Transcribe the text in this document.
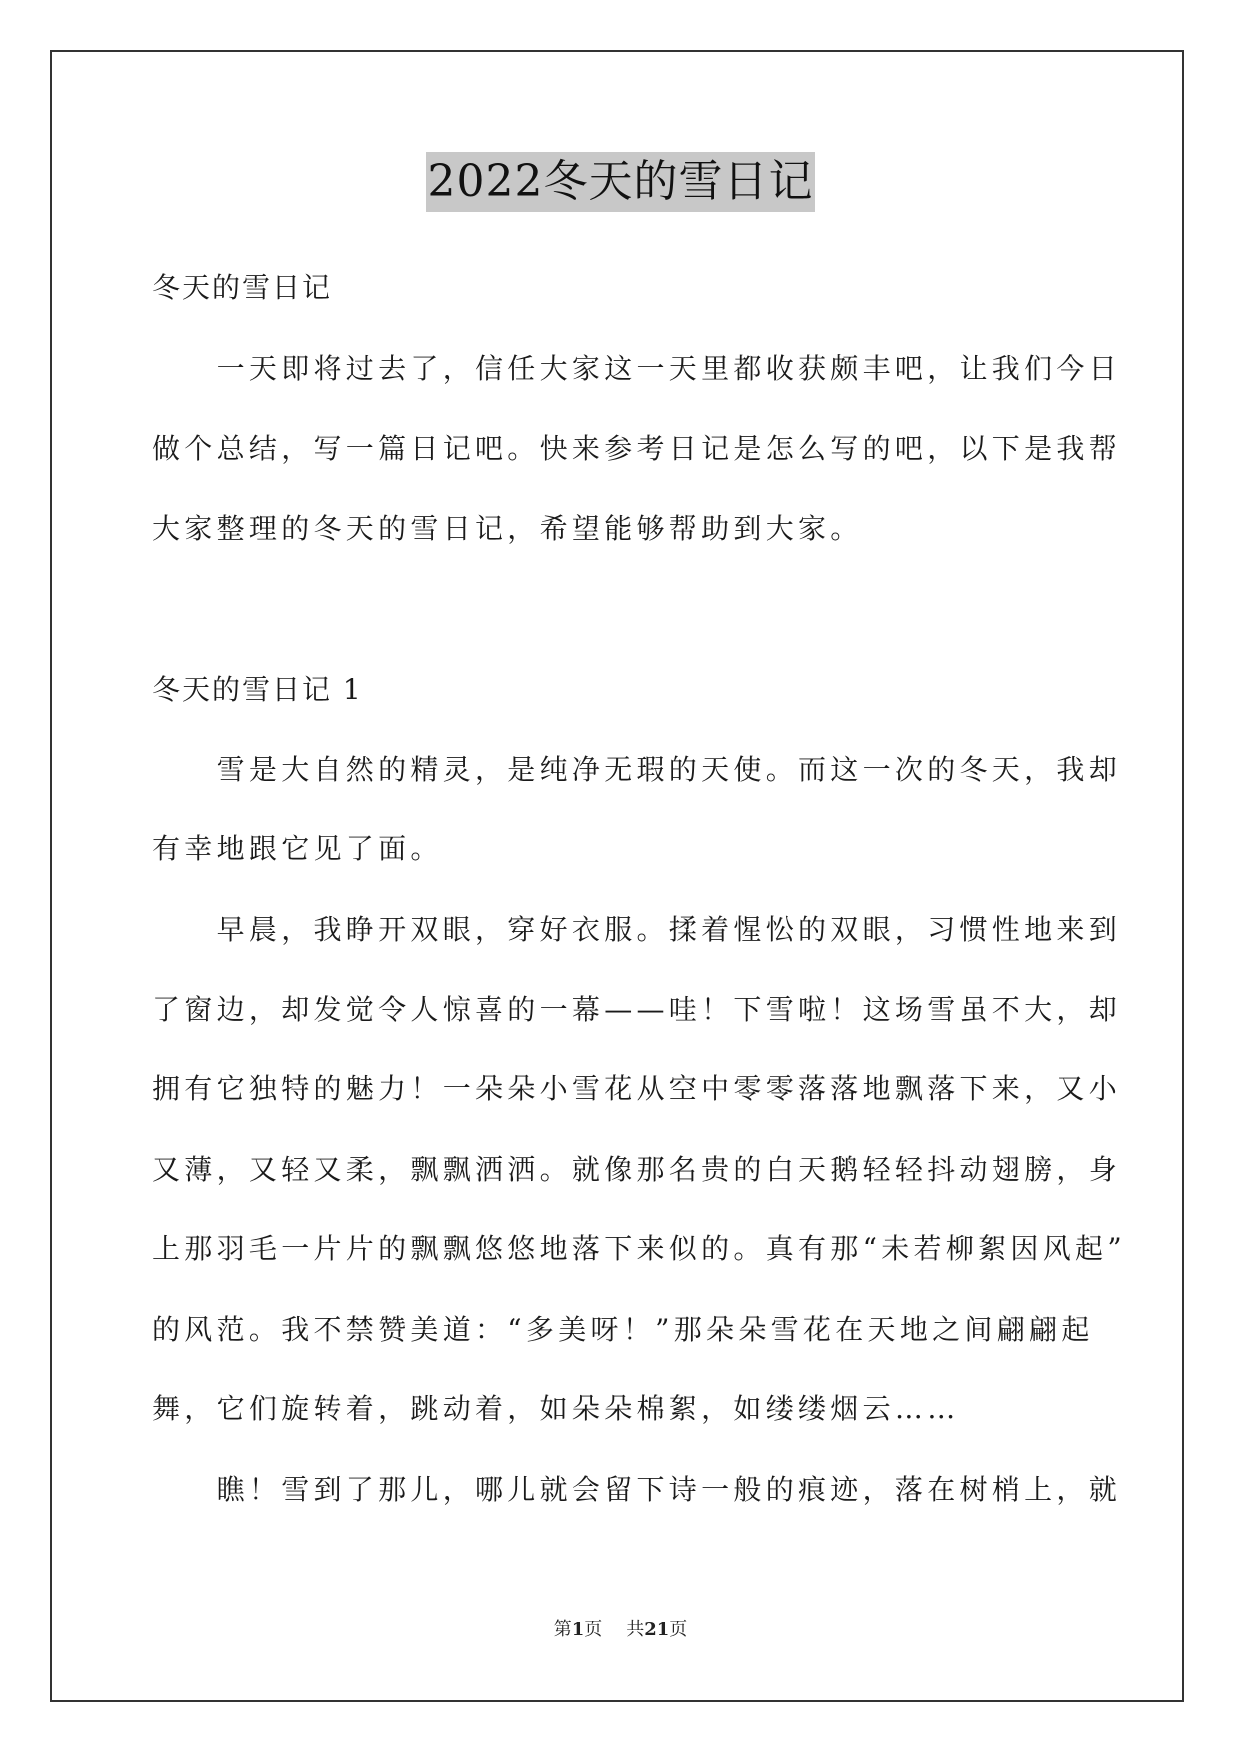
2022冬天的雪日记
冬天的雪日记
　　一天即将过去了，信任大家这一天里都收获颇丰吧，让我们今日
做个总结，写一篇日记吧。快来参考日记是怎么写的吧，以下是我帮
大家整理的冬天的雪日记，希望能够帮助到大家。
冬天的雪日记 1
　　雪是大自然的精灵，是纯净无瑕的天使。而这一次的冬天，我却
有幸地跟它见了面。
　　早晨，我睁开双眼，穿好衣服。揉着惺忪的双眼，习惯性地来到
了窗边，却发觉令人惊喜的一幕——哇！下雪啦！这场雪虽不大，却
拥有它独特的魅力！一朵朵小雪花从空中零零落落地飘落下来，又小
又薄，又轻又柔，飘飘洒洒。就像那名贵的白天鹅轻轻抖动翅膀，身
上那羽毛一片片的飘飘悠悠地落下来似的。真有那“未若柳絮因风起”
的风范。我不禁赞美道：“多美呀！”那朵朵雪花在天地之间翩翩起
舞，它们旋转着，跳动着，如朵朵棉絮，如缕缕烟云……
　　瞧！雪到了那儿，哪儿就会留下诗一般的痕迹，落在树梢上，就
第1页 共21页
